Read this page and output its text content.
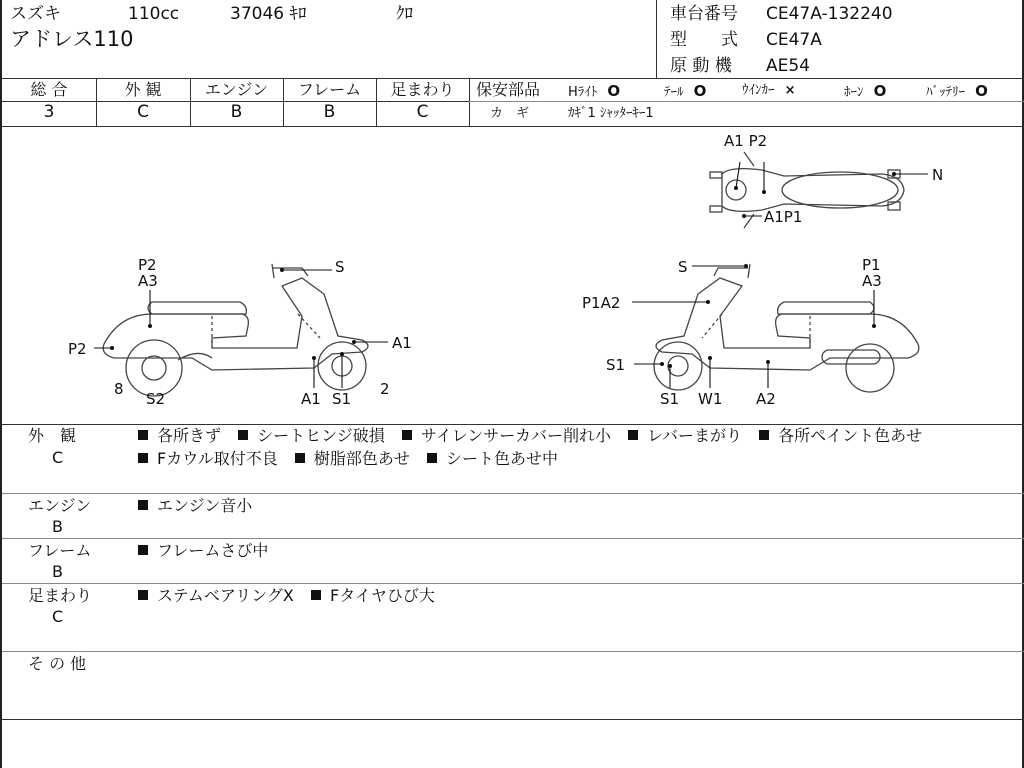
スズキ	110cc	37046 ｷﾛ	ｸﾛ
アドレス110
車台番号 CE47A-132240
型　　式 CE47A
原 動 機 AE54
総 合	外 観	エンジン	フレーム	足まわり
3	C	B	B	C
保安部品 Hﾗｲﾄ O	ﾃｰﾙ O	ｳｲﾝｶｰ ×	ﾎｰﾝ O	ﾊﾞｯﾃﾘｰ O
カ　ギ	ｶｷﾞ1 ｼｬｯﾀｰｷｰ1
A1 P2
N
A1P1
P2
A3
S
P2	A1
8
S2	A1 S1
2
S	P1
A3
P1A2
S1
S1 W1 A2
外　観
C
各所きず シートヒンジ破損 サイレンサーカバー削れ小 レバーまがり 各所ペイント色あせ
Fカウル取付不良 樹脂部色あせ シート色あせ中
エンジン
B
エンジン音小
フレーム
B
フレームさび中
足まわり
C
ステムベアリングX Fタイヤひび大
そ の 他
